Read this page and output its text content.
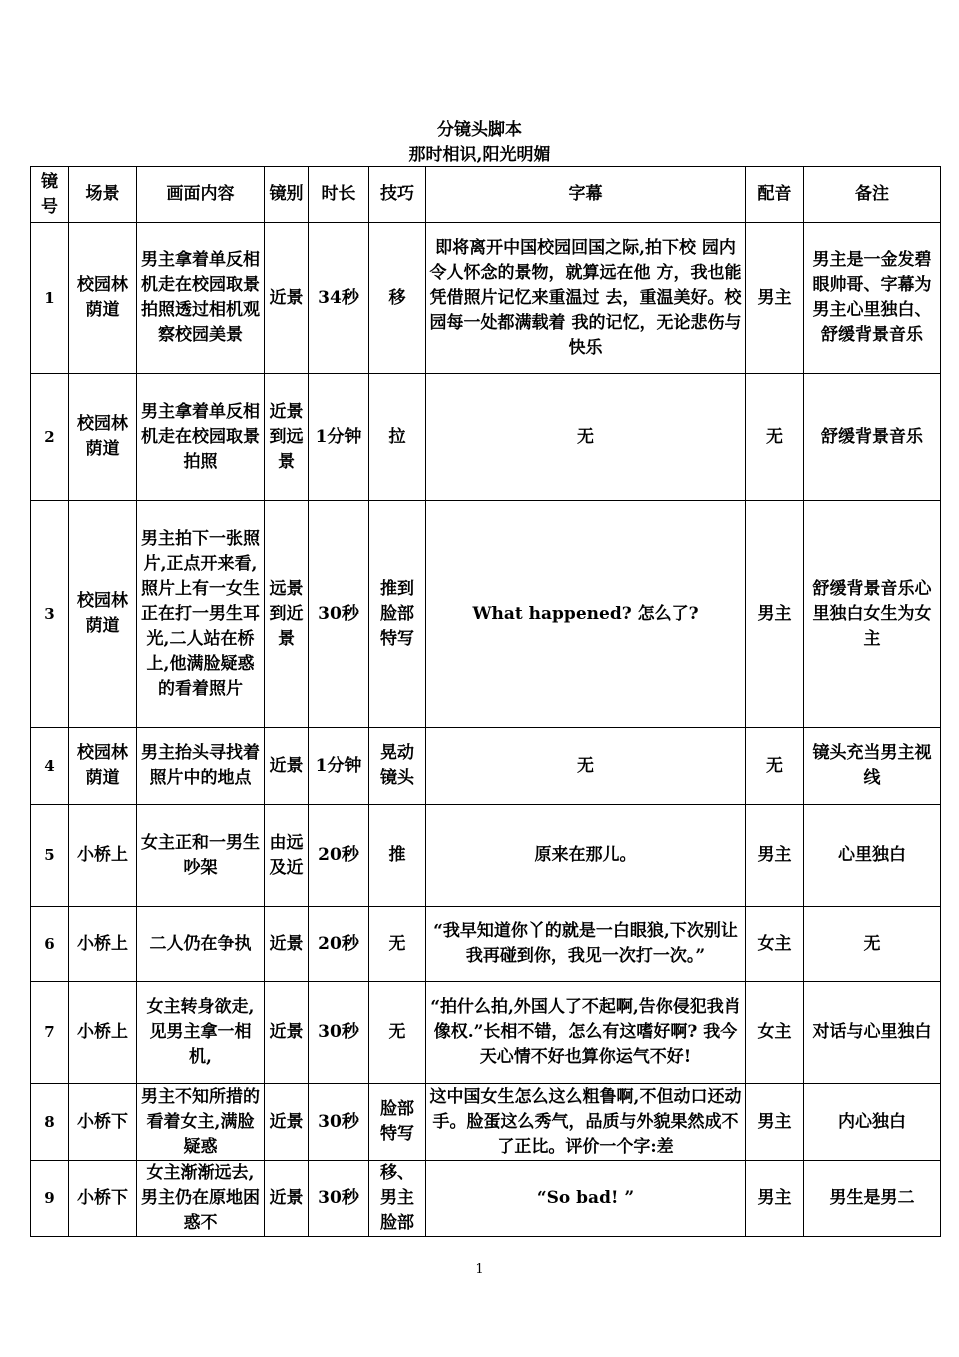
分镜头脚本
那时相识,阳光明媚
镜号	场景	画面内容	镜别	时长	技巧	字幕	配音	备注
1	校园林荫道	男主拿着单反相机走在校园取景拍照透过相机观察校园美景	近景	34秒	移	即将离开中国校园回国之际,拍下校 园内令人怀念的景物，就算远在他 方，我也能凭借照片记忆来重温过 去，重温美好。校园每一处都满载着 我的记忆，无论悲伤与快乐	男主	男主是一金发碧眼帅哥、字幕为男主心里独白、舒缓背景音乐
2	校园林荫道	男主拿着单反相机走在校园取景拍照	近景到远景	1分钟	拉	无	无	舒缓背景音乐
3	校园林荫道	男主拍下一张照片,正点开来看,照片上有一女生正在打一男生耳光,二人站在桥上,他满脸疑惑的看着照片	远景到近景	30秒	推到脸部特写	What happened? 怎么了?	男主	舒缓背景音乐心里独白女生为女主
4	校园林荫道	男主抬头寻找着照片中的地点	近景	1分钟	晃动镜头	无	无	镜头充当男主视线
5	小桥上	女主正和一男生吵架	由远及近	20秒	推	原来在那儿。	男主	心里独白
6	小桥上	二人仍在争执	近景	20秒	无	“我早知道你丫的就是一白眼狼,下次别让我再碰到你，我见一次打一次。”	女主	无
7	小桥上	女主转身欲走,见男主拿一相机,	近景	30秒	无	“拍什么拍,外国人了不起啊,告你侵犯我肖像权.”长相不错，怎么有这嗜好啊? 我今天心情不好也算你运气不好!	女主	对话与心里独白
8	小桥下	男主不知所措的看着女主,满脸疑惑	近景	30秒	脸部特写	这中国女生怎么这么粗鲁啊,不但动口还动手。脸蛋这么秀气，品质与外貌果然成不了正比。评价一个字:差	男主	内心独白
9	小桥下	女主渐渐远去,男主仍在原地困惑不	近景	30秒	移、男主脸部	“So bad! ”	男主	男生是男二
1
